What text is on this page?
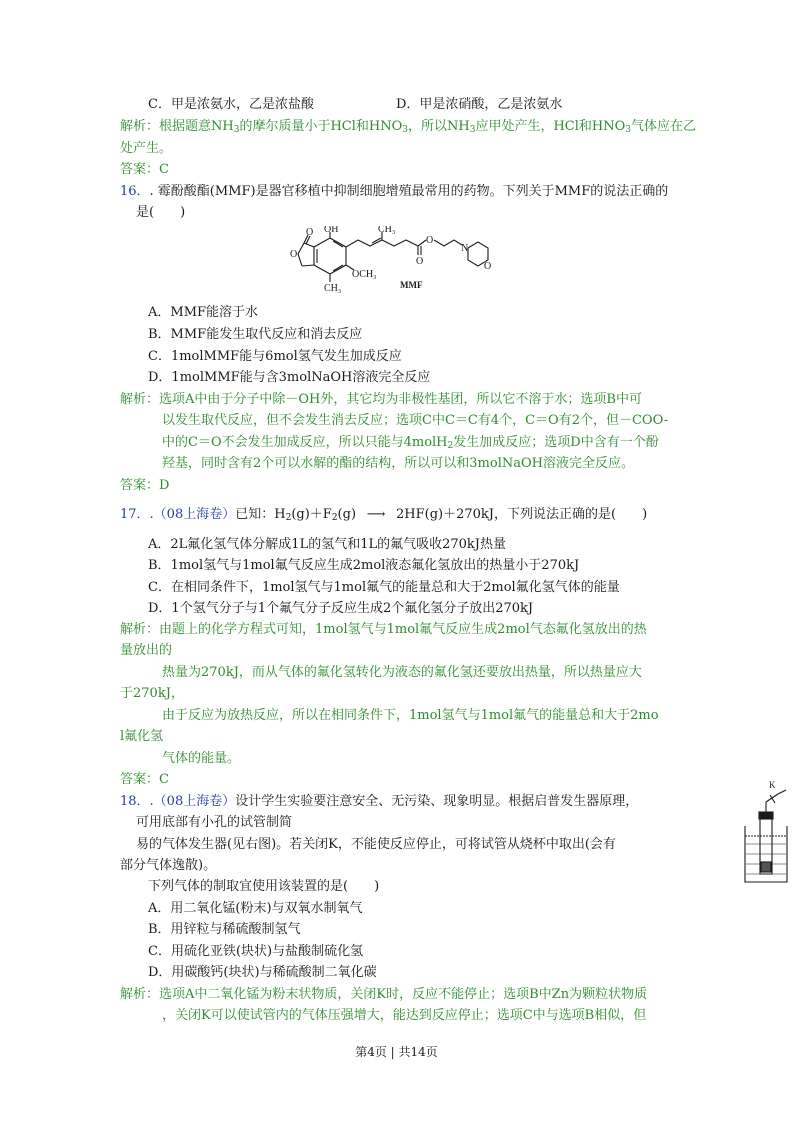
C．甲是浓氨水，乙是浓盐酸	D．甲是浓硝酸，乙是浓氨水
解析：根据题意$NH_3$的摩尔质量小于HCl和$HNO_3$，所以$NH_3$应甲处产生，HCl和$HNO_3$气体应在乙
处产生。
答案：C
16．. 霉酚酸酯(MMF)是器官移植中抑制细胞增殖最常用的药物。下列关于MMF的说法正确的
是(　　)
OH	CH₃
OCH₃
CH₃
O
O
O
O
N
O
MMF
A．MMF能溶于水
B．MMF能发生取代反应和消去反应
C．1molMMF能与6mol氢气发生加成反应
D．1molMMF能与含3molNaOH溶液完全反应
解析：选项A中由于分子中除－OH外，其它均为非极性基团，所以它不溶于水；选项B中可
以发生取代反应，但不会发生消去反应；选项C中C＝C有4个，C＝O有2个，但－COO-
中的C＝O不会发生加成反应，所以只能与4molH$_2$发生加成反应；选项D中含有一个酚
羟基，同时含有2个可以水解的酯的结构，所以可以和3molNaOH溶液完全反应。
答案：D
17．.（08上海卷）已知：$H_2(g)+F_2(g)$ ⟶ 2HF(g)＋270kJ，下列说法正确的是(　　)
A．2L氟化氢气体分解成1L的氢气和1L的氟气吸收270kJ热量
B．1mol氢气与1mol氟气反应生成2mol液态氟化氢放出的热量小于270kJ
C．在相同条件下，1mol氢气与1mol氟气的能量总和大于2mol氟化氢气体的能量
D．1个氢气分子与1个氟气分子反应生成2个氟化氢分子放出270kJ
解析：由题上的化学方程式可知，1mol氢气与1mol氟气反应生成2mol气态氟化氢放出的热
量放出的
热量为270kJ，而从气体的氟化氢转化为液态的氟化氢还要放出热量，所以热量应大
于270kJ，
由于反应为放热反应，所以在相同条件下，1mol氢气与1mol氟气的能量总和大于2mo
l氟化氢
气体的能量。
答案：C
18．.（08上海卷）设计学生实验要注意安全、无污染、现象明显。根据启普发生器原理，
可用底部有小孔的试管制简
易的气体发生器(见右图)。若关闭K，不能使反应停止，可将试管从烧杯中取出(会有
部分气体逸散)。
下列气体的制取宜使用该装置的是(　　)
A．用二氧化锰(粉末)与双氧水制氧气
B．用锌粒与稀硫酸制氢气
C．用硫化亚铁(块状)与盐酸制硫化氢
D．用碳酸钙(块状)与稀硫酸制二氧化碳
解析：选项A中二氧化锰为粉末状物质，关闭K时，反应不能停止；选项B中Zn为颗粒状物质
，关闭K可以使试管内的气体压强增大，能达到反应停止；选项C中与选项B相似，但
K
第4页 | 共14页
